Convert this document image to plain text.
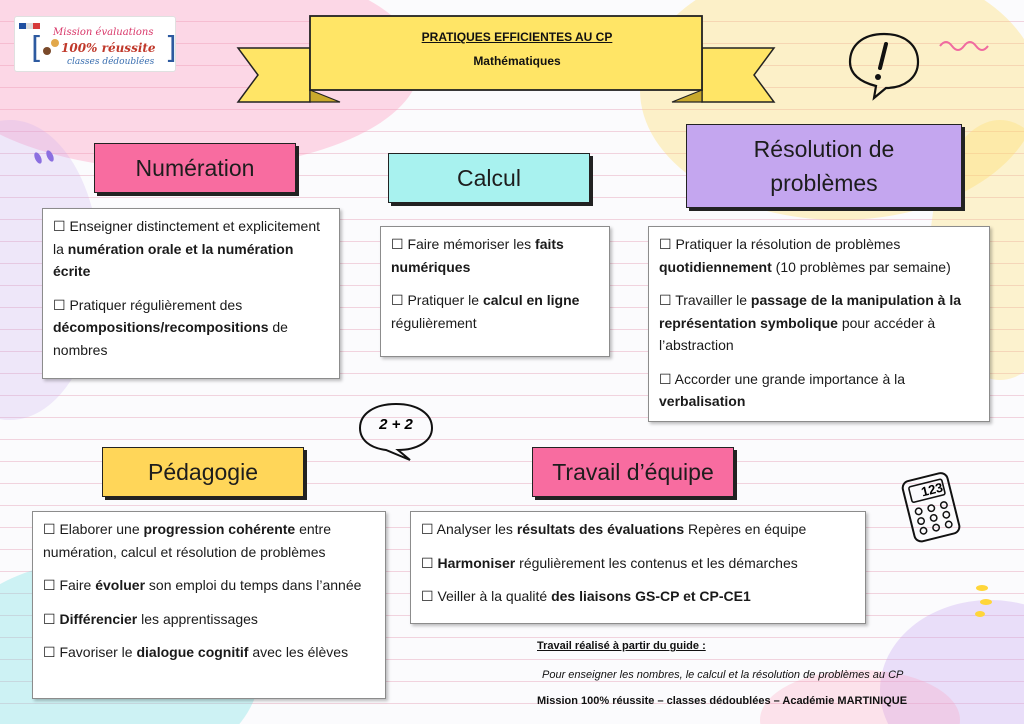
[	]
Mission évaluations
100% réussite
classes dédoublées
PRATIQUES EFFICIENTES AU CP
Mathématiques
Numération

☐ Enseigner distinctement et explicitement la numération orale et la numération écrite

☐ Pratiquer régulièrement des décompositions/recompositions de nombres

Calcul

☐ Faire mémoriser les faits numériques

☐ Pratiquer le calcul en ligne régulièrement

Résolution de problèmes

☐ Pratiquer la résolution de problèmes quotidiennement (10 problèmes par semaine)

☐ Travailler le passage de la manipulation à la représentation symbolique pour accéder à l’abstraction

☐ Accorder une grande importance à la verbalisation

Pédagogie

☐ Elaborer une progression cohérente entre numération, calcul et résolution de problèmes

☐ Faire évoluer son emploi du temps dans l’année

☐ Différencier les apprentissages

☐ Favoriser le dialogue cognitif avec les élèves

Travail d’équipe

☐ Analyser les résultats des évaluations Repères en équipe

☐ Harmoniser régulièrement les contenus et les démarches

☐ Veiller à la qualité des liaisons GS-CP et CP-CE1

2 + 2
123
Travail réalisé à partir du guide :
Pour enseigner les nombres, le calcul et la résolution de problèmes au CP
Mission 100% réussite – classes dédoublées – Académie MARTINIQUE
